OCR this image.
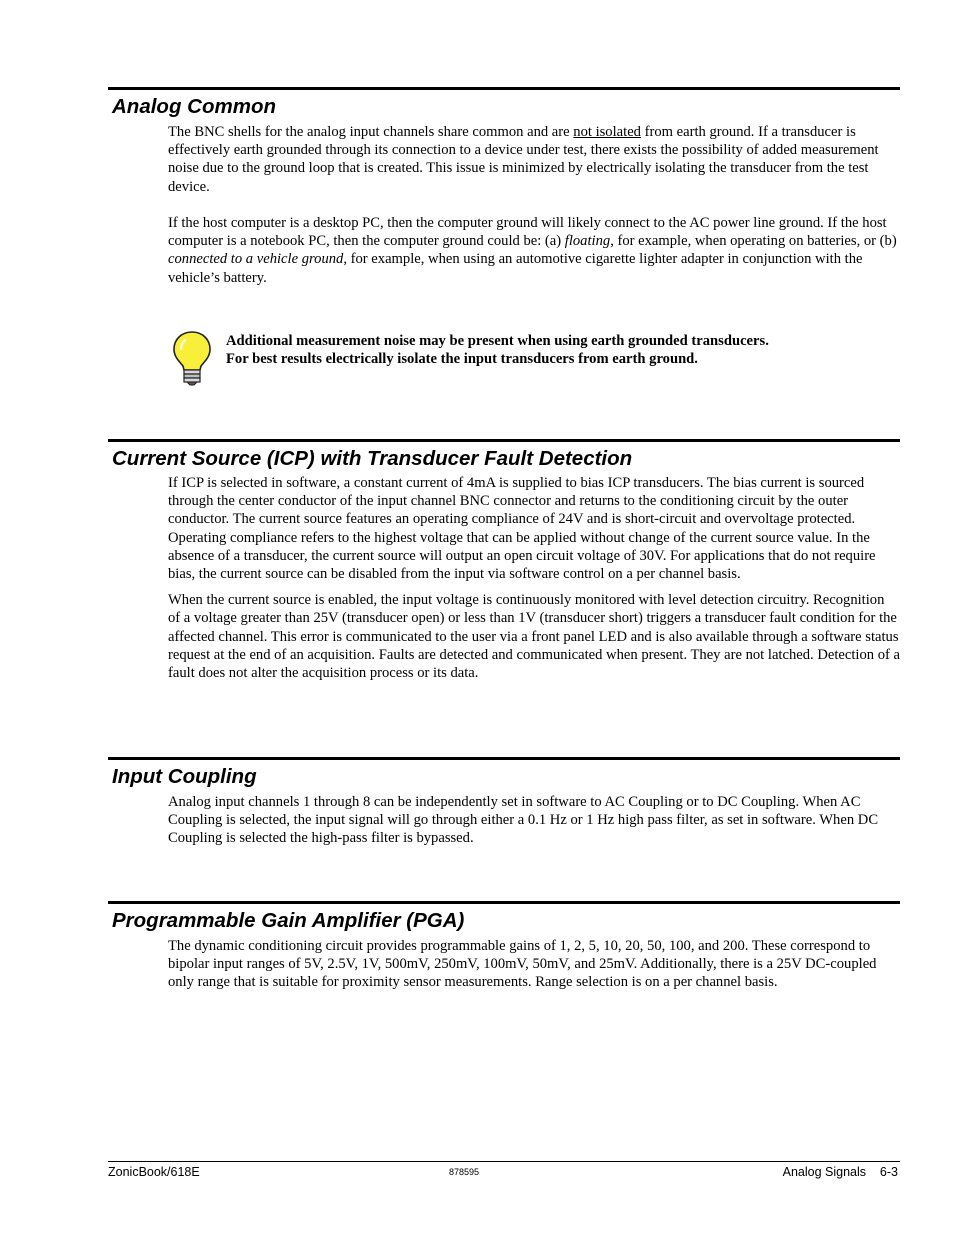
Analog Common

The BNC shells for the analog input channels share common and are not isolated from earth ground. If a transducer is effectively earth grounded through its connection to a device under test, there exists the possibility of added measurement noise due to the ground loop that is created. This issue is minimized by electrically isolating the transducer from the test device.

If the host computer is a desktop PC, then the computer ground will likely connect to the AC power line ground. If the host computer is a notebook PC, then the computer ground could be: (a) floating, for example, when operating on batteries, or (b) connected to a vehicle ground, for example, when using an automotive cigarette lighter adapter in conjunction with the vehicle’s battery.

Additional measurement noise may be present when using earth grounded transducers.

For best results electrically isolate the input transducers from earth ground.

Current Source (ICP) with Transducer Fault Detection

If ICP is selected in software, a constant current of 4mA is supplied to bias ICP transducers. The bias current is sourced through the center conductor of the input channel BNC connector and returns to the conditioning circuit by the outer conductor. The current source features an operating compliance of 24V and is short-circuit and overvoltage protected. Operating compliance refers to the highest voltage that can be applied without change of the current source value. In the absence of a transducer, the current source will output an open circuit voltage of 30V. For applications that do not require bias, the current source can be disabled from the input via software control on a per channel basis.

When the current source is enabled, the input voltage is continuously monitored with level detection circuitry. Recognition of a voltage greater than 25V (transducer open) or less than 1V (transducer short) triggers a transducer fault condition for the affected channel. This error is communicated to the user via a front panel LED and is also available through a software status request at the end of an acquisition. Faults are detected and communicated when present. They are not latched. Detection of a fault does not alter the acquisition process or its data.

Input Coupling

Analog input channels 1 through 8 can be independently set in software to AC Coupling or to DC Coupling. When AC Coupling is selected, the input signal will go through either a 0.1 Hz or 1 Hz high pass filter, as set in software. When DC Coupling is selected the high-pass filter is bypassed.

Programmable Gain Amplifier (PGA)

The dynamic conditioning circuit provides programmable gains of 1, 2, 5, 10, 20, 50, 100, and 200. These correspond to bipolar input ranges of 5V, 2.5V, 1V, 500mV, 250mV, 100mV, 50mV, and 25mV. Additionally, there is a 25V DC-coupled only range that is suitable for proximity sensor measurements. Range selection is on a per channel basis.

ZonicBook/618E	878595	Analog Signals    6-3
